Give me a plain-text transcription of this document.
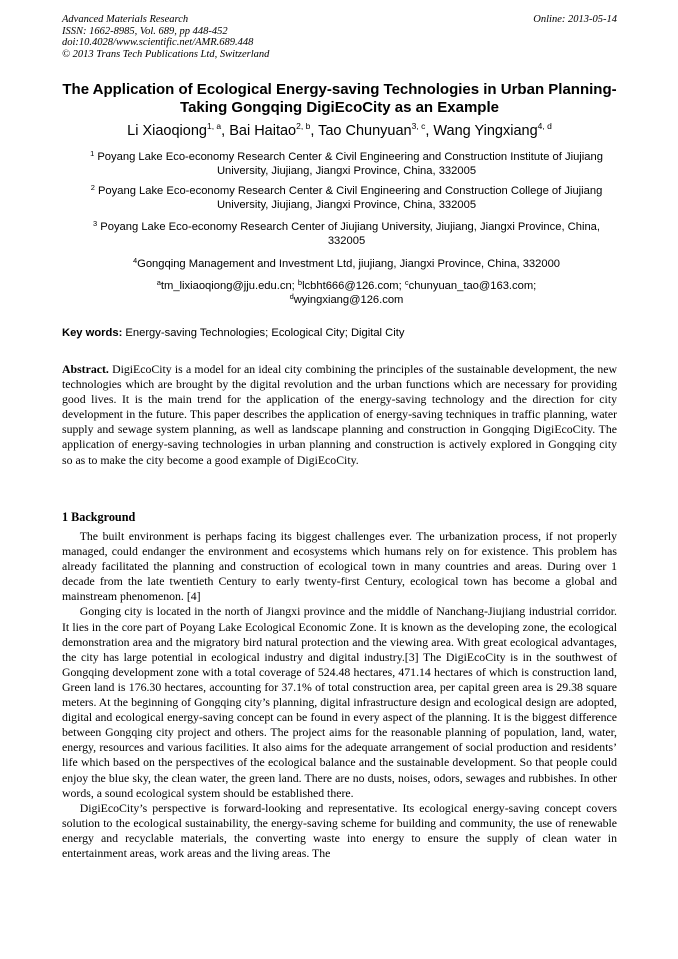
Advanced Materials Research
ISSN: 1662-8985, Vol. 689, pp 448-452
doi:10.4028/www.scientific.net/AMR.689.448
© 2013 Trans Tech Publications Ltd, Switzerland
Online: 2013-05-14
The Application of Ecological Energy-saving Technologies in Urban Planning- Taking Gongqing DigiEcoCity as an Example
Li Xiaoqiong$^{1, a}$, Bai Haitao$^{2, b}$, Tao Chunyuan$^{3, c}$, Wang Yingxiang$^{4, d}$
$^1$ Poyang Lake Eco-economy Research Center & Civil Engineering and Construction Institute of Jiujiang University, Jiujiang, Jiangxi Province, China, 332005
$^2$ Poyang Lake Eco-economy Research Center & Civil Engineering and Construction College of Jiujiang University, Jiujiang, Jiangxi Province, China, 332005
$^3$ Poyang Lake Eco-economy Research Center of Jiujiang University, Jiujiang, Jiangxi Province, China, 332005
$^4$Gongqing Management and Investment Ltd, jiujiang, Jiangxi Province, China, 332000
$^a$tm_lixiaoqiong@jju.edu.cn; $^b$lcbht666@126.com; $^c$chunyuan_tao@163.com;
$^d$wyingxiang@126.com
Key words: Energy-saving Technologies; Ecological City; Digital City

Abstract. DigiEcoCity is a model for an ideal city combining the principles of the sustainable development, the new technologies which are brought by the digital revolution and the urban functions which are necessary for providing good lives. It is the main trend for the application of the energy-saving technology and the direction for city development in the future. This paper describes the application of energy-saving techniques in traffic planning, water supply and sewage system planning, as well as landscape planning and construction in Gongqing DigiEcoCity. The application of energy-saving technologies in urban planning and construction is actively explored in Gongqing city so as to make the city become a good example of DigiEcoCity.

1 Background

The built environment is perhaps facing its biggest challenges ever. The urbanization process, if not properly managed, could endanger the environment and ecosystems which humans rely on for existence. This problem has already facilitated the planning and construction of ecological town in many countries and areas. During over 1 decade from the late twentieth Century to early twenty-first Century, ecological town has become a global and mainstream phenomenon. [4]

Gonging city is located in the north of Jiangxi province and the middle of Nanchang-Jiujiang industrial corridor. It lies in the core part of Poyang Lake Ecological Economic Zone. It is known as the developing zone, the ecological demonstration area and the migratory bird natural protection and the viewing area. With great ecological advantages, the city has large potential in ecological industry and digital industry.[3] The DigiEcoCity is in the southwest of Gongqing development zone with a total coverage of 524.48 hectares, 471.14 hectares of which is construction land, Green land is 176.30 hectares, accounting for 37.1% of total construction area, per capital green area is 29.38 square meters. At the beginning of Gongqing city’s planning, digital infrastructure design and ecological design are adopted, digital and ecological energy-saving concept can be found in every aspect of the planning. It is the biggest difference between Gongqing city project and others. The project aims for the reasonable planning of population, land, water, energy, resources and various facilities. It also aims for the adequate arrangement of social production and residents’ life which based on the perspectives of the ecological balance and the sustainable development. So that people could enjoy the blue sky, the clean water, the green land. There are no dusts, noises, odors, sewages and rubbishes. In other words, a sound ecological system should be established there.

DigiEcoCity’s perspective is forward-looking and representative. Its ecological energy-saving concept covers solution to the ecological sustainability, the energy-saving scheme for building and community, the use of renewable energy and recyclable materials, the converting waste into energy to ensure the supply of clean water in entertainment areas, work areas and the living areas. The
